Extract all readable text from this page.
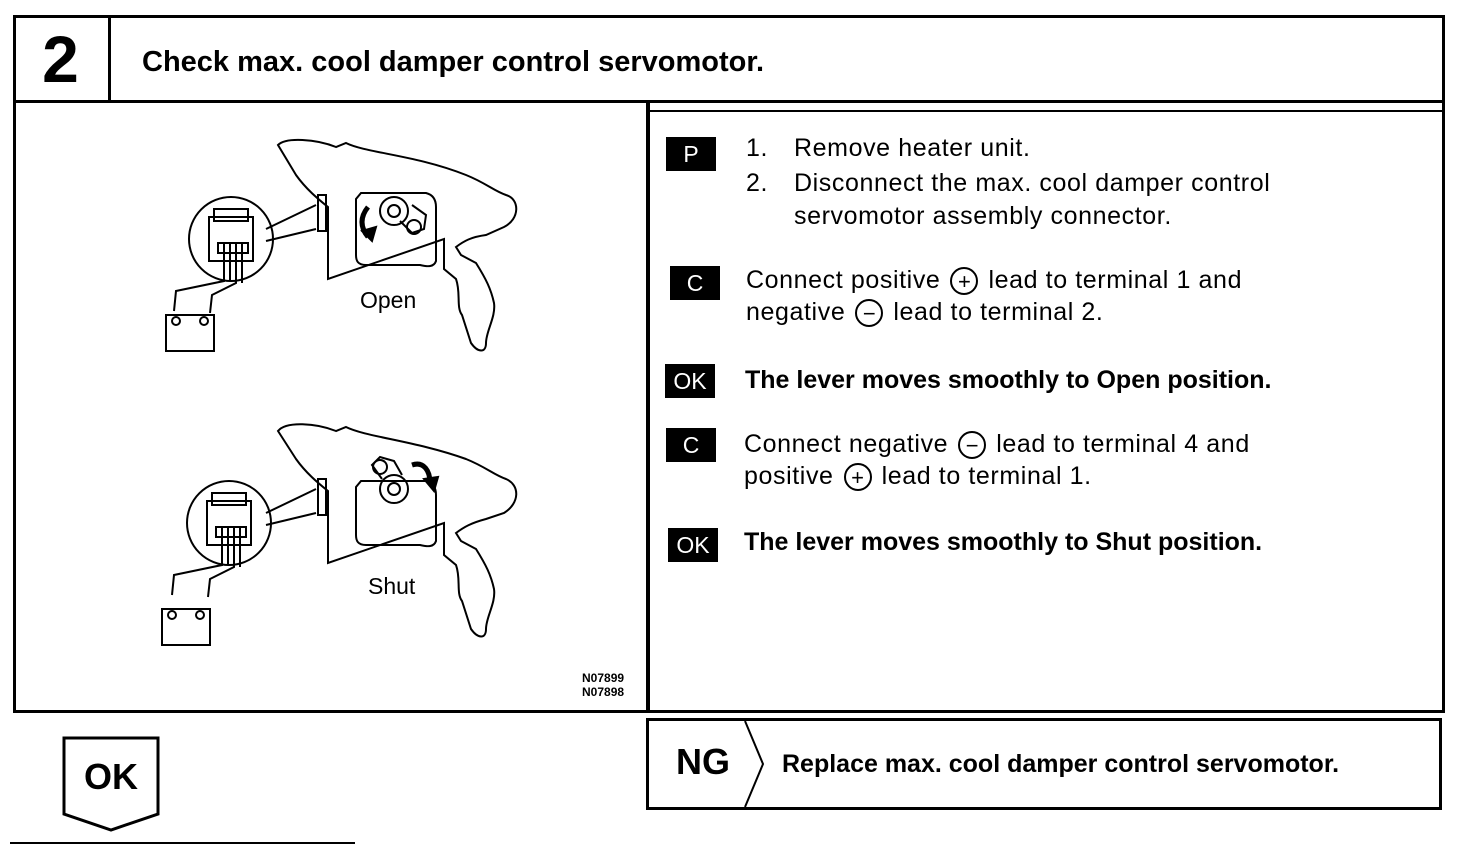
2	Check max. cool damper control servomotor.
Open
Shut
N07899
N07898
P	1. Remove heater unit.
2. Disconnect the max. cool damper control
servomotor assembly connector.
C	Connect positive + lead to terminal 1 and
negative − lead to terminal 2.
OK	The lever moves smoothly to Open position.
C	Connect negative − lead to terminal 4 and
positive + lead to terminal 1.
OK	The lever moves smoothly to Shut position.
OK	NG Replace max. cool damper control servomotor.
